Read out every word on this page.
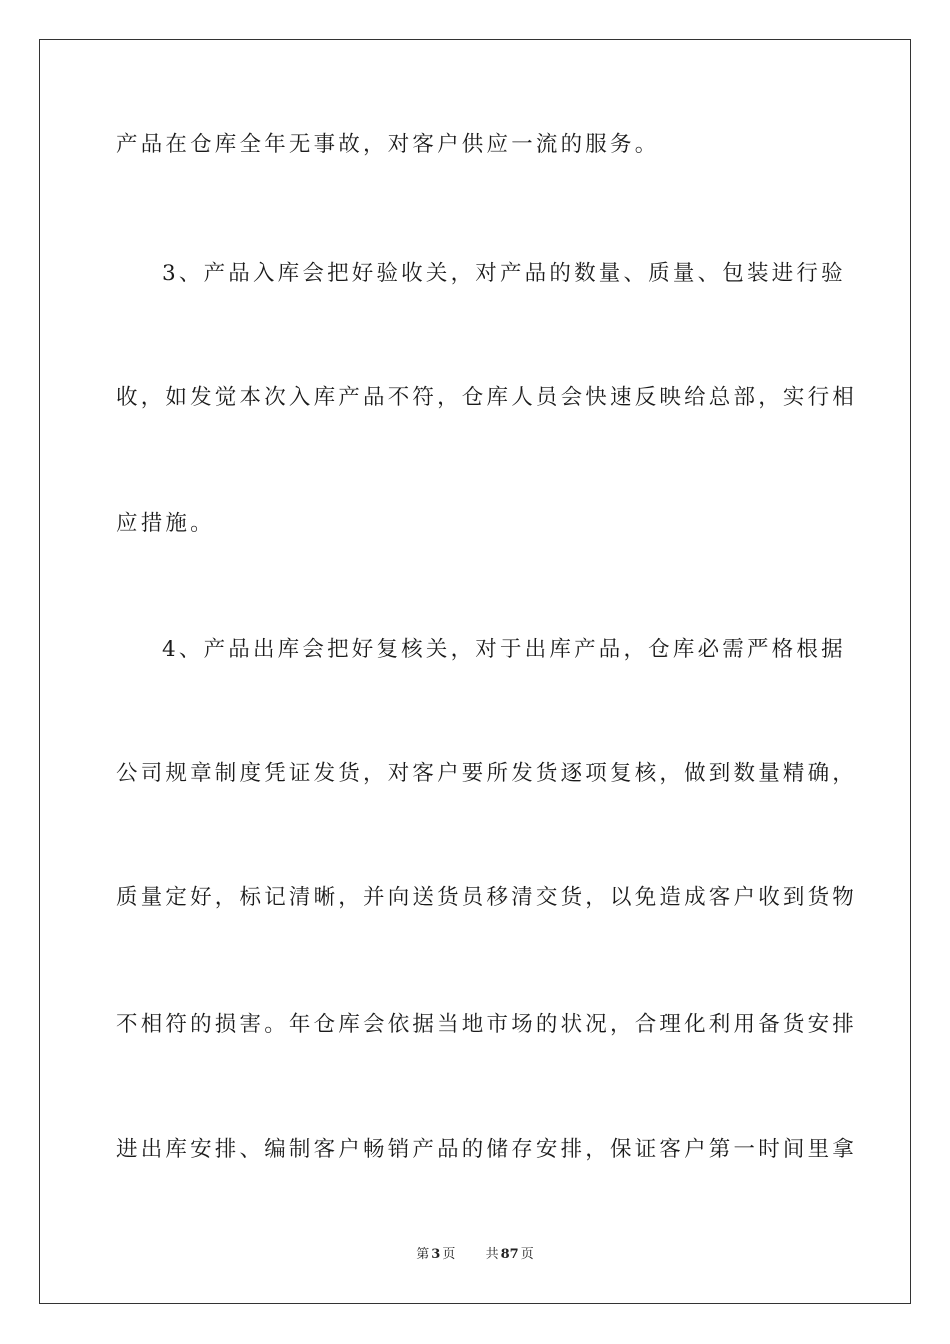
产品在仓库全年无事故，对客户供应一流的服务。
3、产品入库会把好验收关，对产品的数量、质量、包装进行验
收，如发觉本次入库产品不符，仓库人员会快速反映给总部，实行相
应措施。
4、产品出库会把好复核关，对于出库产品，仓库必需严格根据
公司规章制度凭证发货，对客户要所发货逐项复核，做到数量精确，
质量定好，标记清晰，并向送货员移清交货，以免造成客户收到货物
不相符的损害。年仓库会依据当地市场的状况，合理化利用备货安排
进出库安排、编制客户畅销产品的储存安排，保证客户第一时间里拿
第 3 页 共 87 页
